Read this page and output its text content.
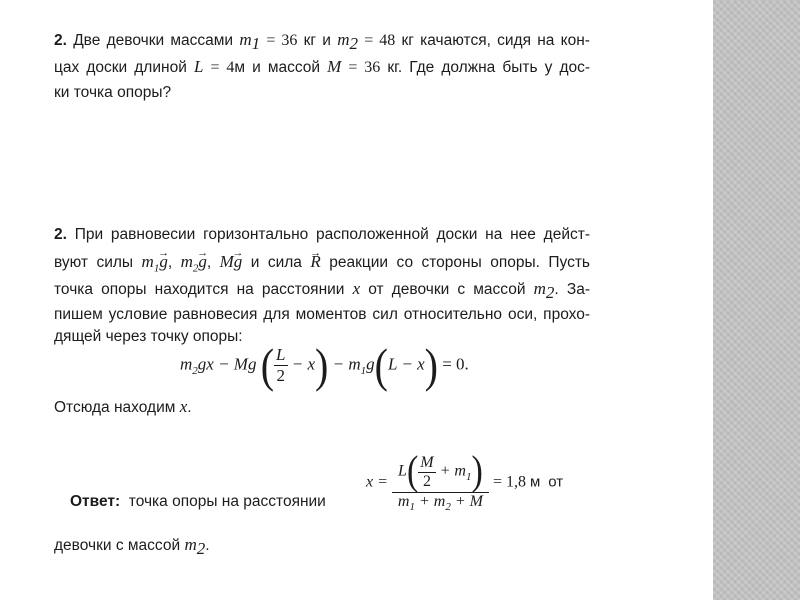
2. Две девочки массами $m_1 = 36$ кг и $m_2 = 48$ кг качаются, сидя на кон-
цах доски длиной L = 4м и массой M = 36 кг. Где должна быть у дос-
ки точка опоры?
2. При равновесии горизонтально расположенной доски на нее дейст-
вуют силы $m_1\to g$, $m_2\to g$, M→ g и сила → R реакции со стороны опоры. Пусть
точка опоры находится на расстоянии x от девочки с массой $m_2$. За-
пишем условие равновесия для моментов сил относительно оси, прохо-
дящей через точку опоры:
$m_2gx - Mg$ ( $\frac{L}{2} - x) - m_1g(L - x) = 0$.
Отсюда находим x.
Ответ: точка опоры на расстоянии
$x = \frac{L( \frac{M}{2} + m_1)}{m_1 + m_2 + M} = 1,8$ м от
девочки с массой $m_2$.
